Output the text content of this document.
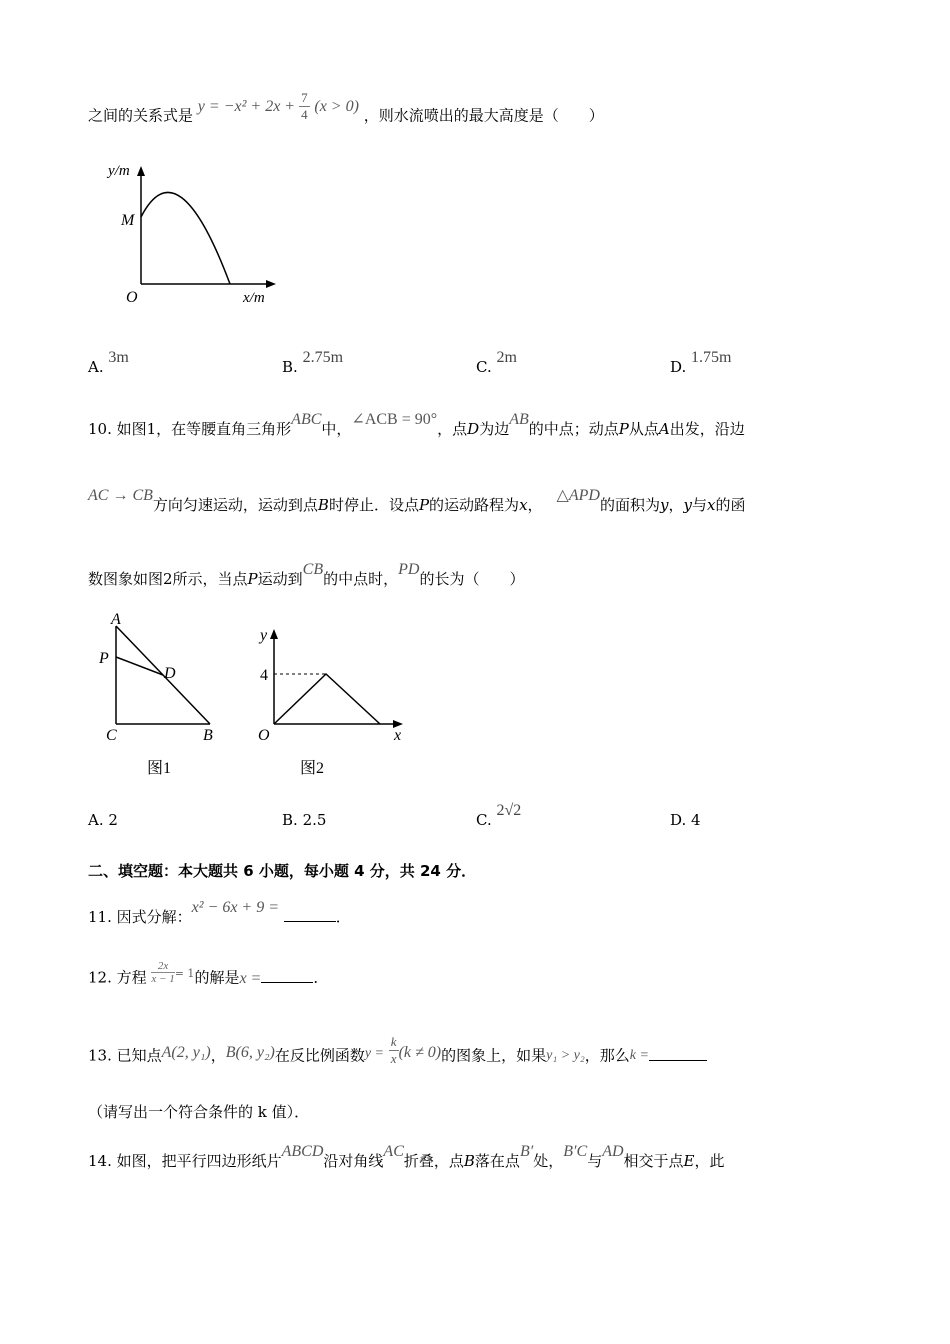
之间的关系式是 $y = -x^2 + 2x + \frac{7}{4} (x > 0)$ ，则水流喷出的最大高度是（　　）
y/m
M
O	x/m
A. 3m
B. 2.75m
C. 2m
D. 1.75m
10. 如图1，在等腰直角三角形ABC中，∠ACB = 90°，点D为边AB的中点；动点P从点A出发，沿边
AC → CB方向匀速运动，运动到点B时停止．设点P的运动路程为x，△APD的面积为y，y与x的函
数图象如图2所示，当点P运动到CB的中点时，PD的长为（　　）
A
P
D
C	B
图1
y
4
O	x
图2
A. 2	B. 2.5	C. 2√2
D. 4
二、填空题：本大题共 6 小题，每小题 4 分，共 24 分．
11. 因式分解：x² − 6x + 9 = ．
12. 方程 $\frac{2x}{x - 1} ^{= 1}$的解是x =	．
13. 已知点A(2, y₁)，B(6, y₂)在反比例函数$y = \frac{k}{x} (k \ne 0)$的图象上，如果y₁ > y₂，那么k =
（请写出一个符合条件的 k 值）．
14. 如图，把平行四边形纸片ABCD沿对角线AC折叠，点B落在点B′处，B′C与AD相交于点E，此
